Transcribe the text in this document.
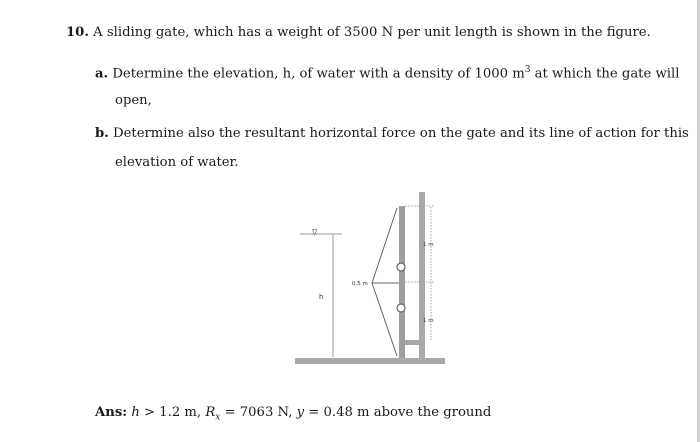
10. A sliding gate, which has a weight of 3500 N per unit length is shown in the figure.
a. Determine the elevation, h, of water with a density of 1000 $m^3$ at which the gate will
open,
b. Determine also the resultant horizontal force on the gate and its line of action for this
elevation of water.
∇
h
0.5 m
1 m
1 m
Ans: h > 1.2 m, $R_x = 7063$ N, y = 0.48 m above the ground
